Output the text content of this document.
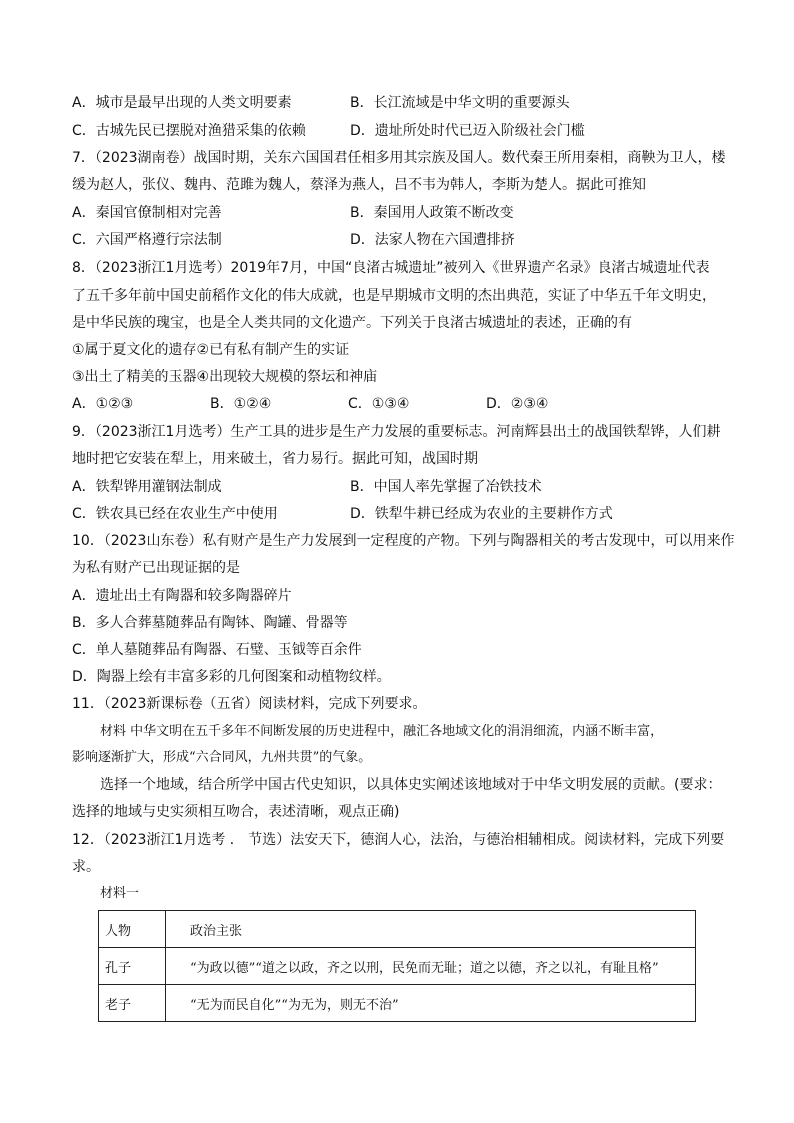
A．城市是最早出现的人类文明要素	B．长江流域是中华文明的重要源头
C．古城先民已摆脱对渔猎采集的依赖	D．遗址所处时代已迈入阶级社会门槛
7．（2023湖南卷）战国时期，关东六国国君任相多用其宗族及国人。数代秦王所用秦相，商鞅为卫人，楼
缓为赵人，张仪、魏冉、范雎为魏人，蔡泽为燕人，吕不韦为韩人，李斯为楚人。据此可推知
A．秦国官僚制相对完善	B．秦国用人政策不断改变
C．六国严格遵行宗法制	D．法家人物在六国遭排挤
8．（2023浙江1月选考）2019年7月，中国“良渚古城遗址”被列入《世界遗产名录》良渚古城遗址代表
了五千多年前中国史前稻作文化的伟大成就，也是早期城市文明的杰出典范，实证了中华五千年文明史，
是中华民族的瑰宝，也是全人类共同的文化遗产。下列关于良渚古城遗址的表述，正确的有
①属于夏文化的遗存②已有私有制产生的实证
③出土了精美的玉器④出现较大规模的祭坛和神庙
A．①②③	B．①②④	C．①③④	D．②③④
9．（2023浙江1月选考）生产工具的进步是生产力发展的重要标志。河南辉县出土的战国铁犁铧，人们耕
地时把它安装在犁上，用来破土，省力易行。据此可知，战国时期
A．铁犁铧用灌钢法制成	B．中国人率先掌握了冶铁技术
C．铁农具已经在农业生产中使用	D．铁犁牛耕已经成为农业的主要耕作方式
10．（2023山东卷）私有财产是生产力发展到一定程度的产物。下列与陶器相关的考古发现中，可以用来作
为私有财产已出现证据的是
A．遗址出土有陶器和较多陶器碎片
B．多人合葬墓随葬品有陶钵、陶罐、骨器等
C．单人墓随葬品有陶器、石璧、玉钺等百余件
D．陶器上绘有丰富多彩的几何图案和动植物纹样。
11．（2023新课标卷（五省）阅读材料，完成下列要求。
材料 中华文明在五千多年不间断发展的历史进程中，融汇各地域文化的涓涓细流，内涵不断丰富，
影响逐渐扩大，形成“六合同风，九州共贯”的气象。
选择一个地域，结合所学中国古代史知识，以具体史实阐述该地域对于中华文明发展的贡献。(要求：
选择的地域与史实须相互吻合，表述清晰，观点正确)
12．（2023浙江1月选考 ． 节选）法安天下，德润人心，法治，与德治相辅相成。阅读材料，完成下列要
求。
材料一
人物	政治主张
孔子	“为政以德”“道之以政，齐之以刑，民免而无耻；道之以德，齐之以礼，有耻且格”
老子	“无为而民自化”“为无为，则无不治”
